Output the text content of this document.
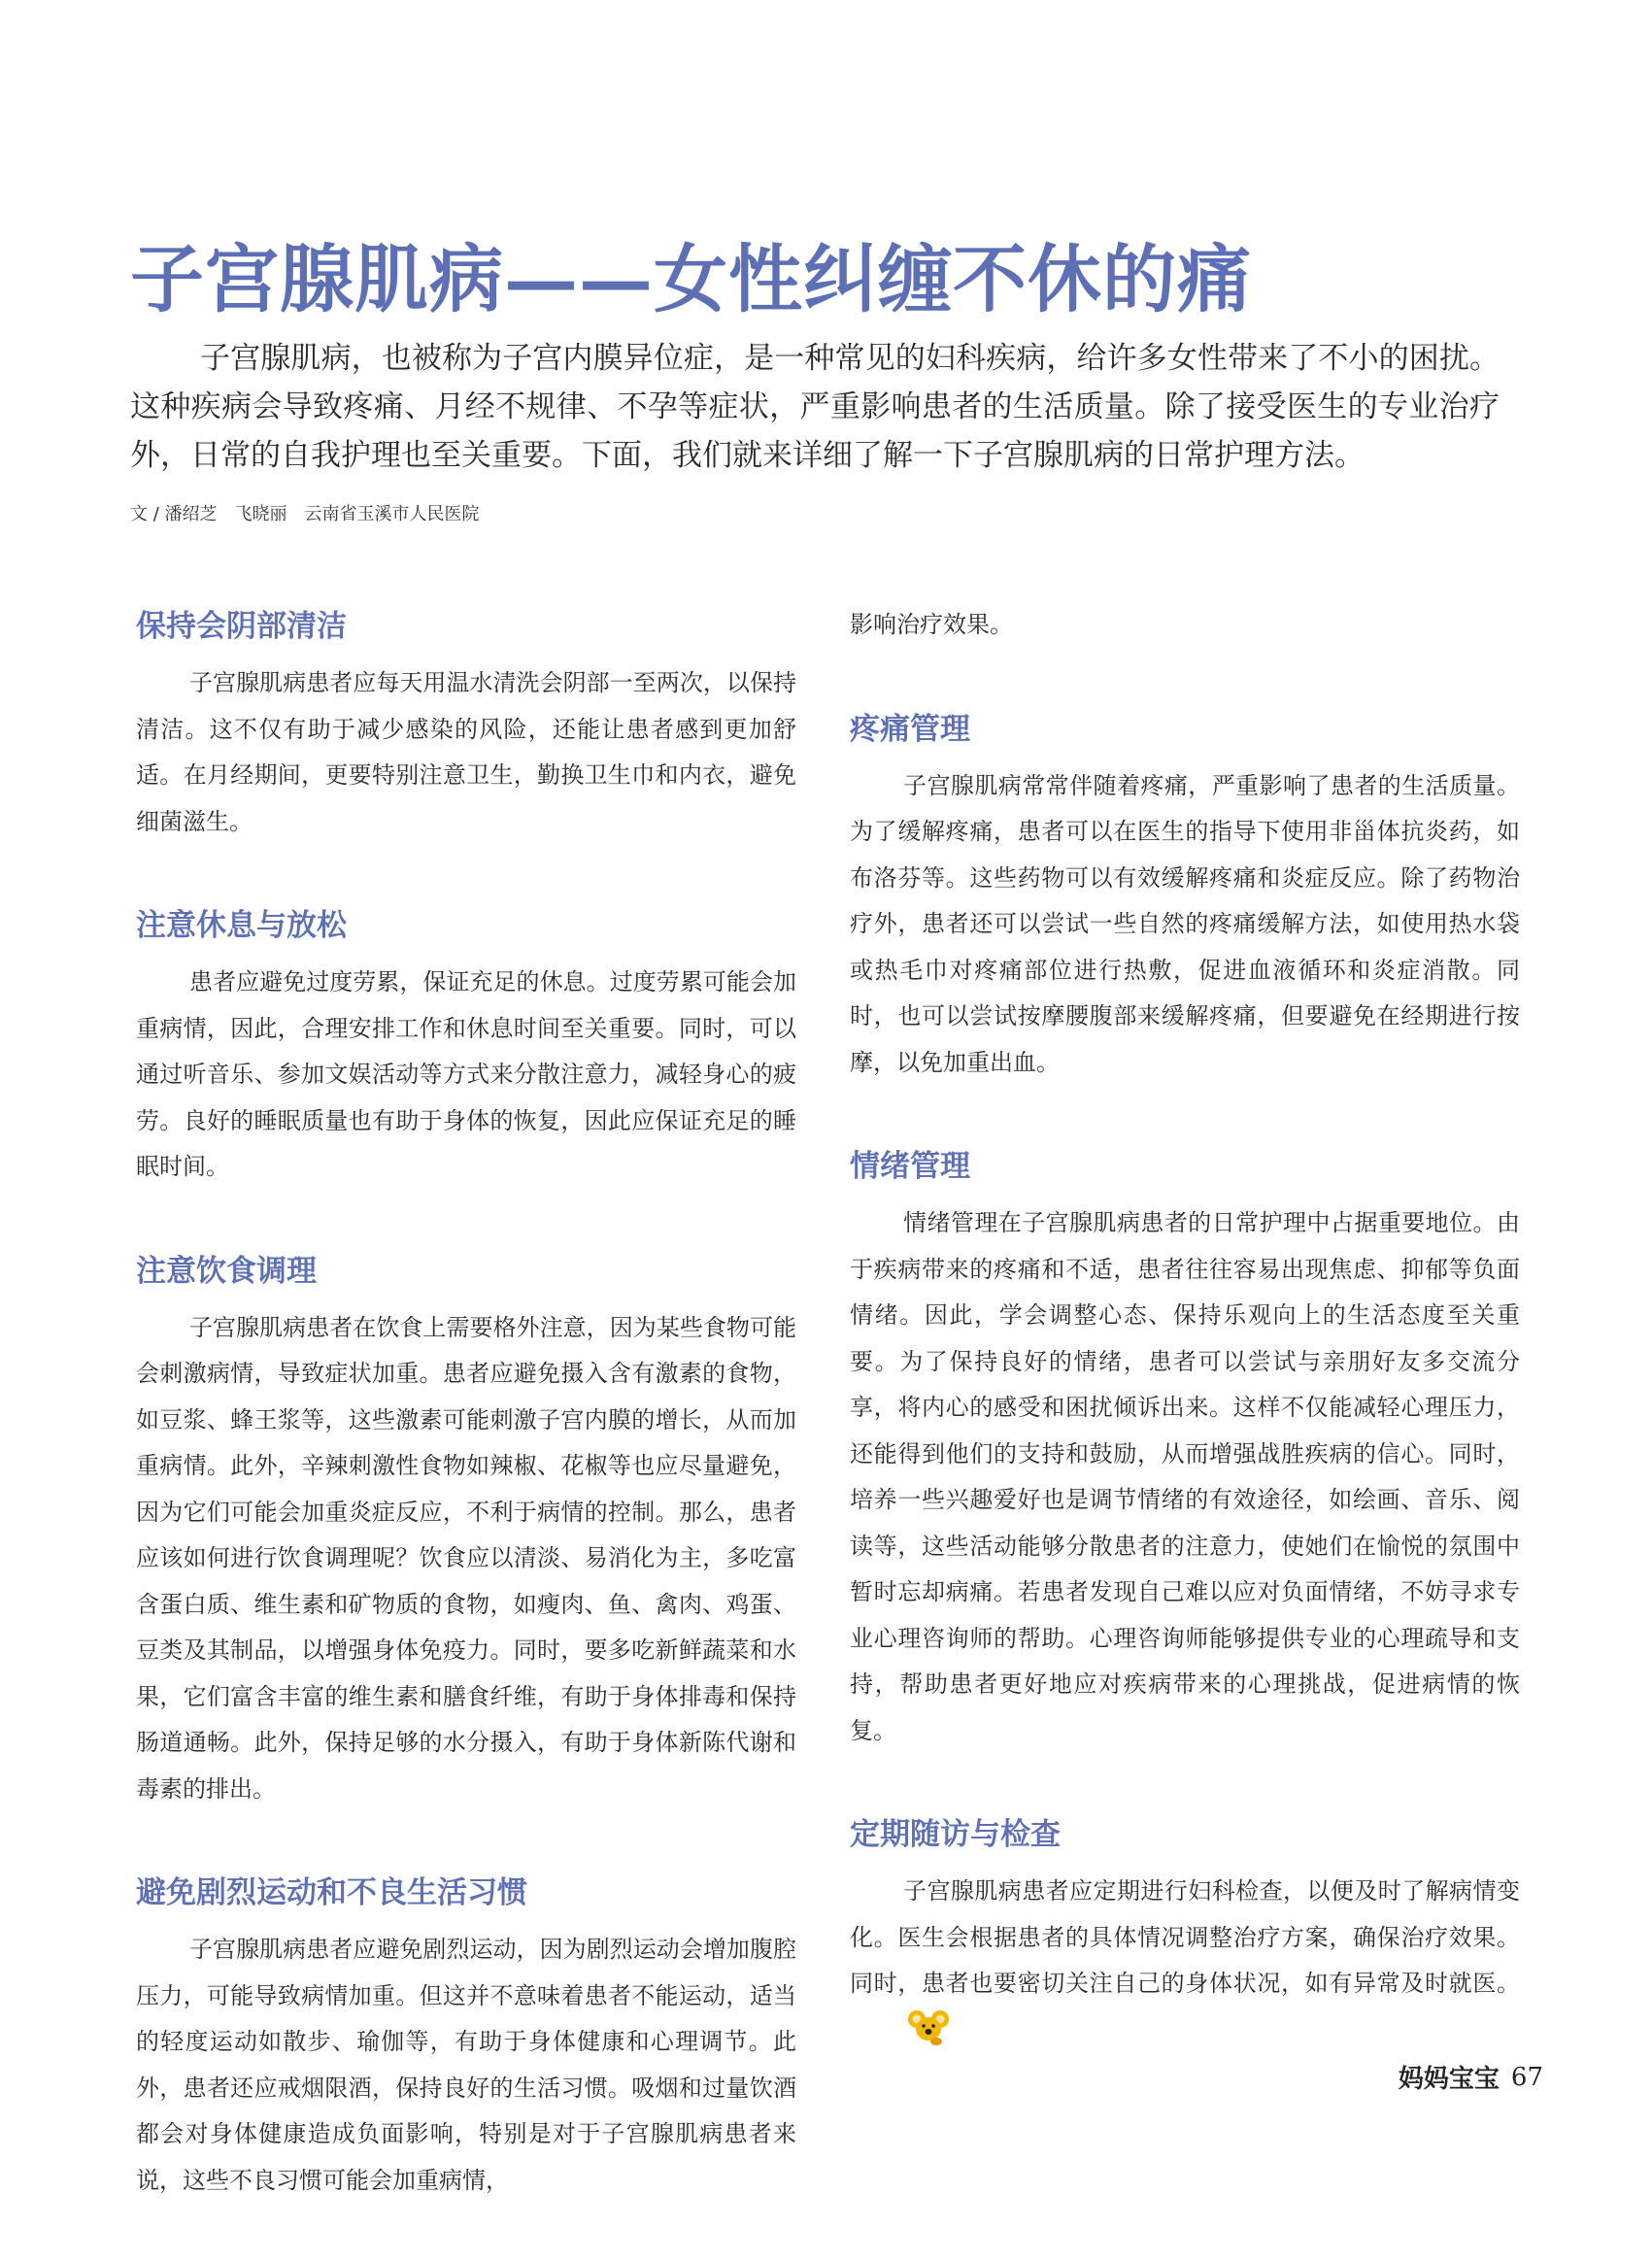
子宫腺肌病——女性纠缠不休的痛

子宫腺肌病，也被称为子宫内膜异位症，是一种常见的妇科疾病，给许多女性带来了不小的困扰。这种疾病会导致疼痛、月经不规律、不孕等症状，严重影响患者的生活质量。除了接受医生的专业治疗外，日常的自我护理也至关重要。下面，我们就来详细了解一下子宫腺肌病的日常护理方法。

文 / 潘绍芝　飞晓丽　云南省玉溪市人民医院

保持会阴部清洁

子宫腺肌病患者应每天用温水清洗会阴部一至两次，以保持清洁。这不仅有助于减少感染的风险，还能让患者感到更加舒适。在月经期间，更要特别注意卫生，勤换卫生巾和内衣，避免细菌滋生。

注意休息与放松

患者应避免过度劳累，保证充足的休息。过度劳累可能会加重病情，因此，合理安排工作和休息时间至关重要。同时，可以通过听音乐、参加文娱活动等方式来分散注意力，减轻身心的疲劳。良好的睡眠质量也有助于身体的恢复，因此应保证充足的睡眠时间。

注意饮食调理

子宫腺肌病患者在饮食上需要格外注意，因为某些食物可能会刺激病情，导致症状加重。患者应避免摄入含有激素的食物，如豆浆、蜂王浆等，这些激素可能刺激子宫内膜的增长，从而加重病情。此外，辛辣刺激性食物如辣椒、花椒等也应尽量避免，因为它们可能会加重炎症反应，不利于病情的控制。那么，患者应该如何进行饮食调理呢？饮食应以清淡、易消化为主，多吃富含蛋白质、维生素和矿物质的食物，如瘦肉、鱼、禽肉、鸡蛋、豆类及其制品，以增强身体免疫力。同时，要多吃新鲜蔬菜和水果，它们富含丰富的维生素和膳食纤维，有助于身体排毒和保持肠道通畅。此外，保持足够的水分摄入，有助于身体新陈代谢和毒素的排出。

避免剧烈运动和不良生活习惯

子宫腺肌病患者应避免剧烈运动，因为剧烈运动会增加腹腔压力，可能导致病情加重。但这并不意味着患者不能运动，适当的轻度运动如散步、瑜伽等，有助于身体健康和心理调节。此外，患者还应戒烟限酒，保持良好的生活习惯。吸烟和过量饮酒都会对身体健康造成负面影响，特别是对于子宫腺肌病患者来说，这些不良习惯可能会加重病情，

影响治疗效果。

疼痛管理

子宫腺肌病常常伴随着疼痛，严重影响了患者的生活质量。为了缓解疼痛，患者可以在医生的指导下使用非甾体抗炎药，如布洛芬等。这些药物可以有效缓解疼痛和炎症反应。除了药物治疗外，患者还可以尝试一些自然的疼痛缓解方法，如使用热水袋或热毛巾对疼痛部位进行热敷，促进血液循环和炎症消散。同时，也可以尝试按摩腰腹部来缓解疼痛，但要避免在经期进行按摩，以免加重出血。

情绪管理

情绪管理在子宫腺肌病患者的日常护理中占据重要地位。由于疾病带来的疼痛和不适，患者往往容易出现焦虑、抑郁等负面情绪。因此，学会调整心态、保持乐观向上的生活态度至关重要。为了保持良好的情绪，患者可以尝试与亲朋好友多交流分享，将内心的感受和困扰倾诉出来。这样不仅能减轻心理压力，还能得到他们的支持和鼓励，从而增强战胜疾病的信心。同时，培养一些兴趣爱好也是调节情绪的有效途径，如绘画、音乐、阅读等，这些活动能够分散患者的注意力，使她们在愉悦的氛围中暂时忘却病痛。若患者发现自己难以应对负面情绪，不妨寻求专业心理咨询师的帮助。心理咨询师能够提供专业的心理疏导和支持，帮助患者更好地应对疾病带来的心理挑战，促进病情的恢复。

定期随访与检查

子宫腺肌病患者应定期进行妇科检查，以便及时了解病情变化。医生会根据患者的具体情况调整治疗方案，确保治疗效果。同时，患者也要密切关注自己的身体状况，如有异常及时就医。

妈妈宝宝 67
